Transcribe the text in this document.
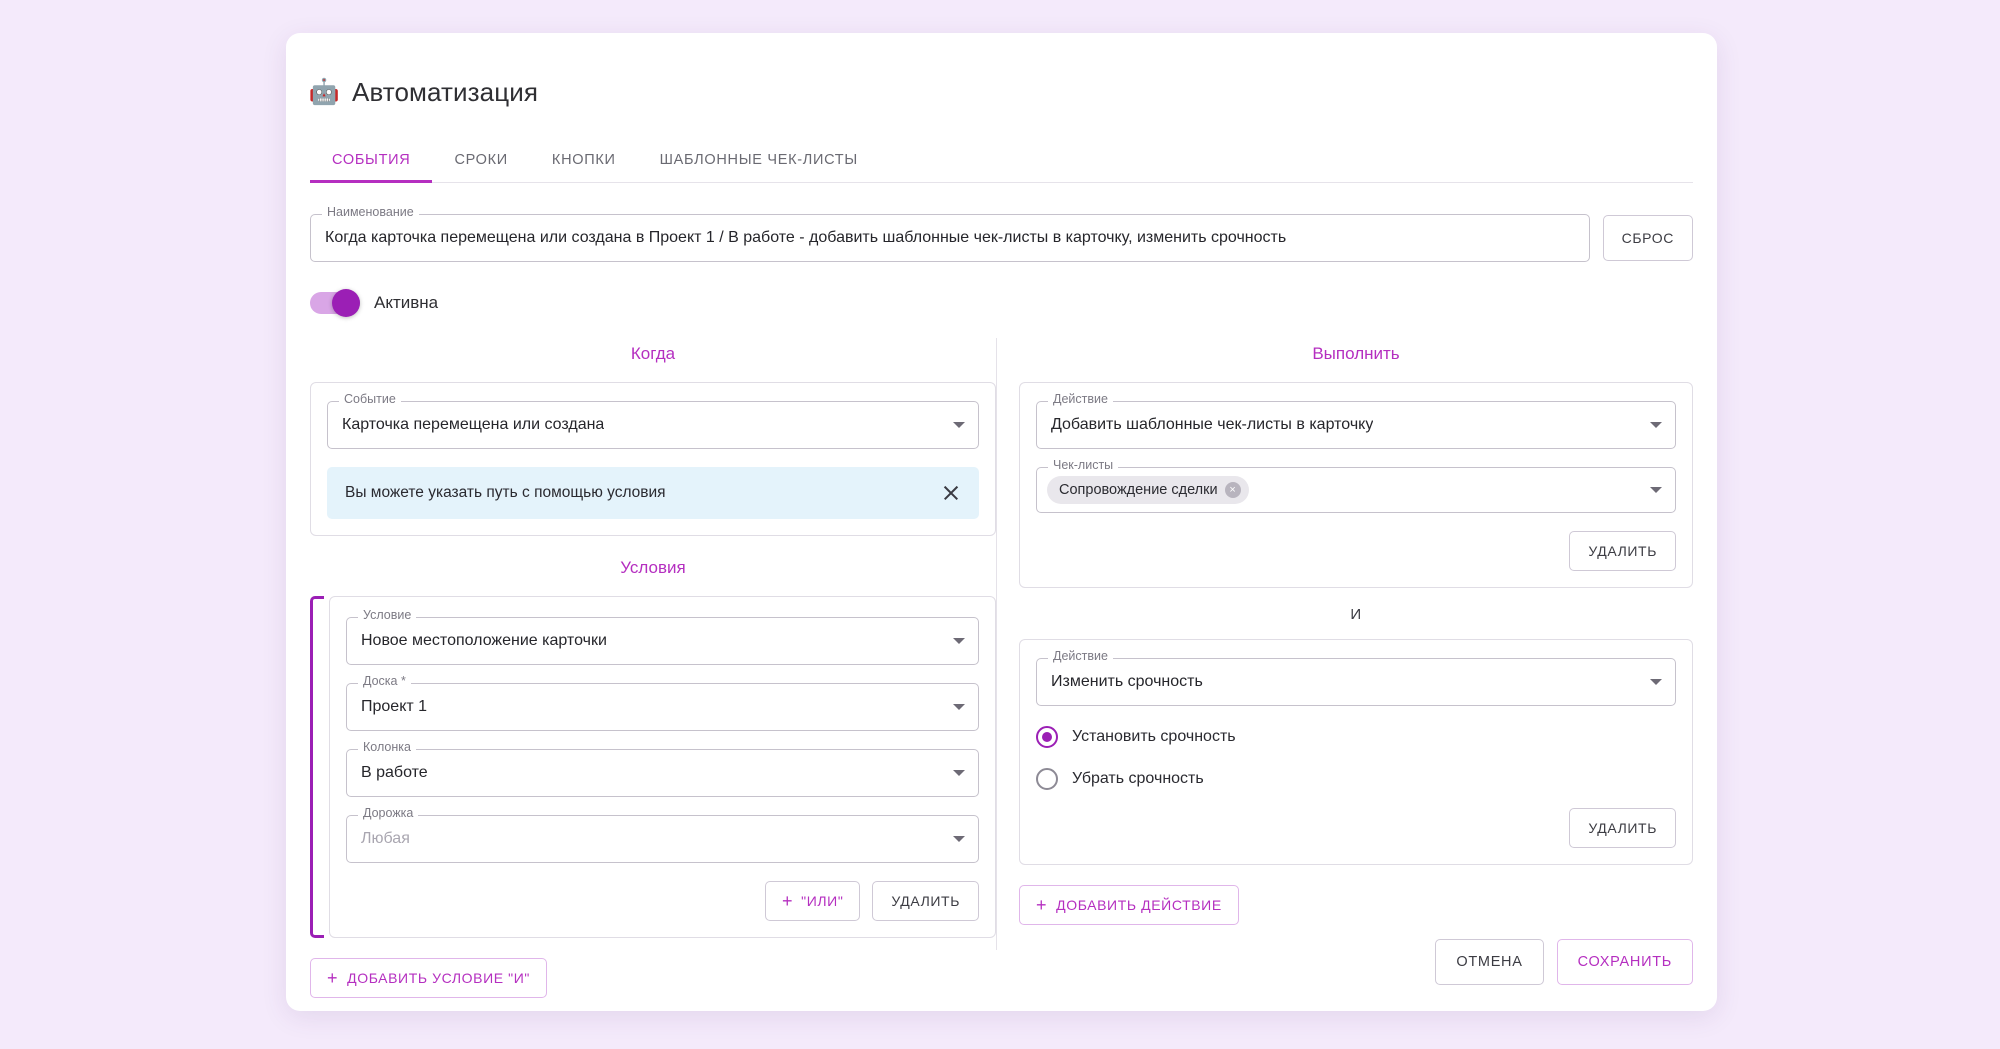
🤖 Автоматизация
СОБЫТИЯ	СРОКИ	КНОПКИ	ШАБЛОННЫЕ ЧЕК-ЛИСТЫ
Наименование
Когда карточка перемещена или создана в Проект 1 / В работе - добавить шаблонные чек-листы в карточку, изменить срочность	СБРОС
Активна
Когда
Событие
Карточка перемещена или создана
Вы можете указать путь с помощью условия
Условия
Условие
Новое местоположение карточки
Доска *
Проект 1
Колонка
В работе
Дорожка
Любая
+ "ИЛИ"	УДАЛИТЬ
+ ДОБАВИТЬ УСЛОВИЕ "И"
Выполнить
Действие
Добавить шаблонные чек-листы в карточку
Чек-листы
Сопровождение сделки	×
УДАЛИТЬ
И
Действие
Изменить срочность
Установить срочность
Убрать срочность
УДАЛИТЬ
+ ДОБАВИТЬ ДЕЙСТВИЕ
ОТМЕНА	СОХРАНИТЬ
